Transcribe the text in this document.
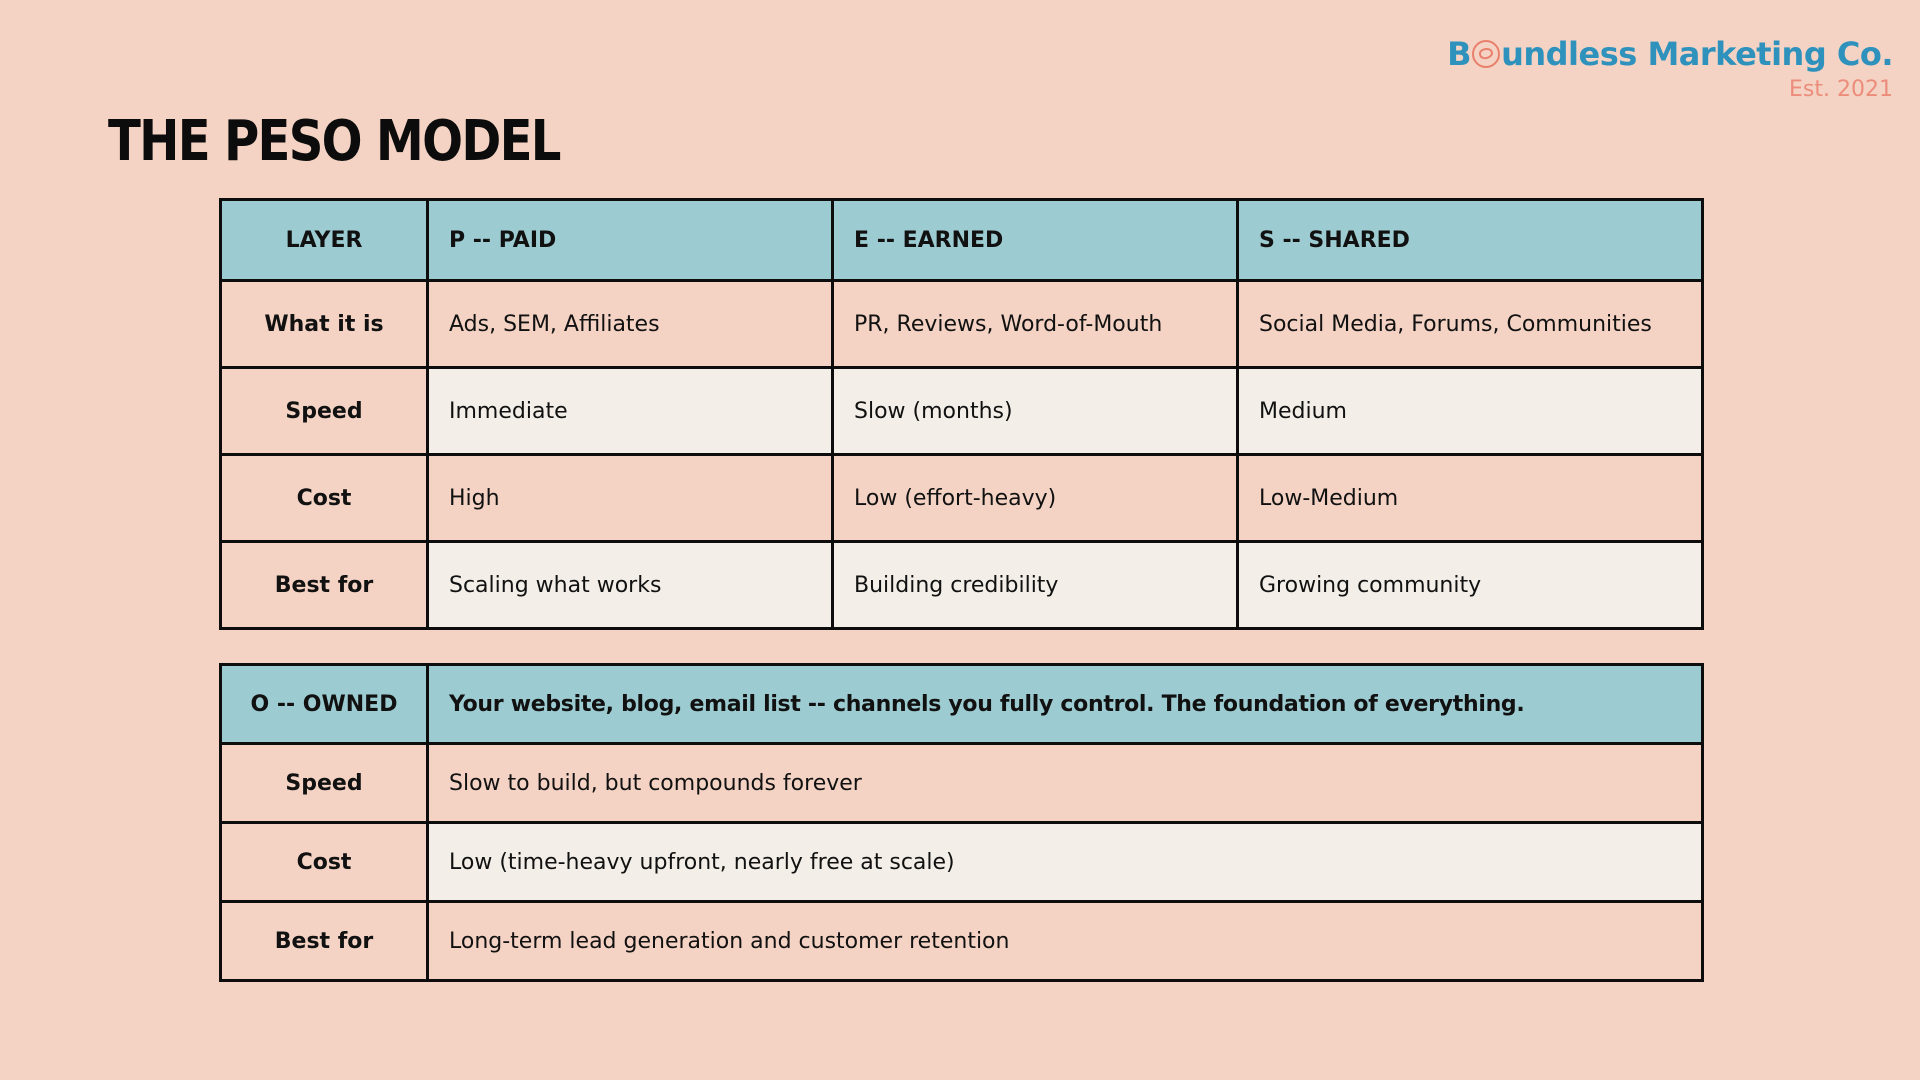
B undless Marketing Co.
Est. 2021
THE PESO MODEL
LAYER	P -- PAID	E -- EARNED	S -- SHARED
What it is	Ads, SEM, Affiliates	PR, Reviews, Word-of-Mouth	Social Media, Forums, Communities
Speed	Immediate	Slow (months)	Medium
Cost	High	Low (effort-heavy)	Low-Medium
Best for	Scaling what works	Building credibility	Growing community
O -- OWNED	Your website, blog, email list -- channels you fully control. The foundation of everything.
Speed	Slow to build, but compounds forever
Cost	Low (time-heavy upfront, nearly free at scale)
Best for	Long-term lead generation and customer retention
